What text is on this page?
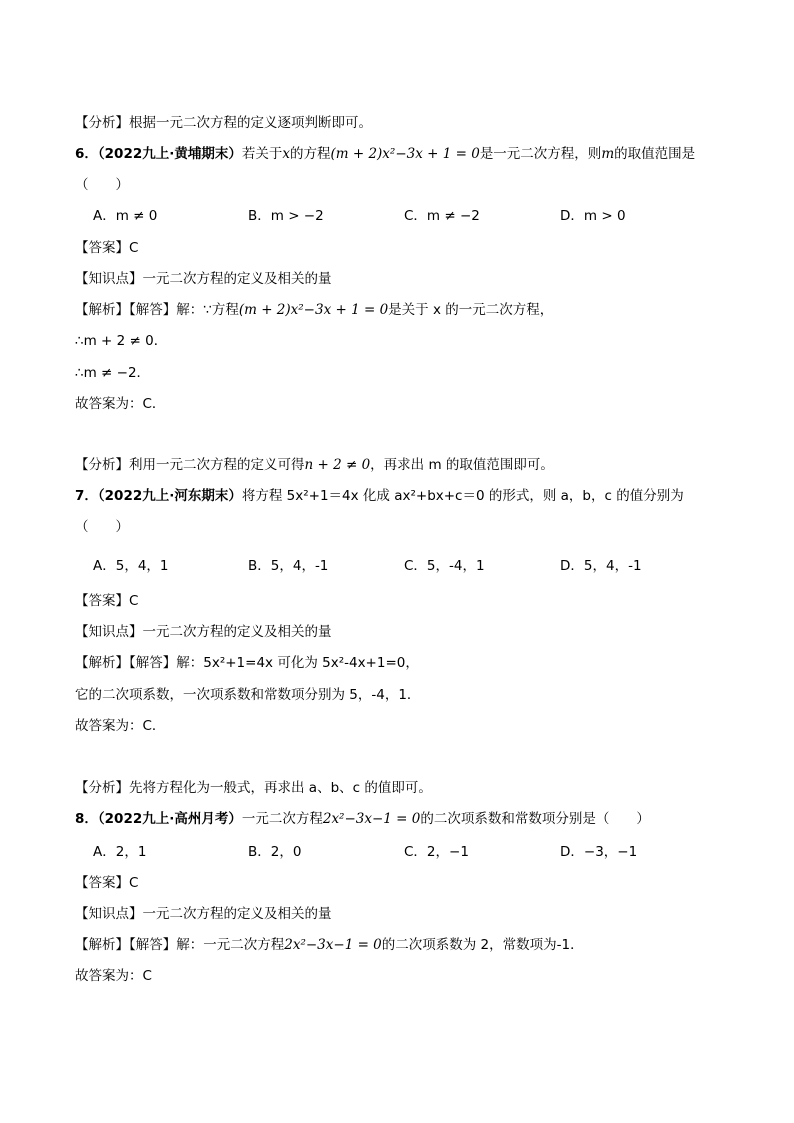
【分析】根据一元二次方程的定义逐项判断即可。
6．（2022九上·黄埔期末）若关于x的方程(m + 2)x²−3x + 1 = 0是一元二次方程，则m的取值范围是
（　　）
A．m ≠ 0	B．m > −2	C．m ≠ −2	D．m > 0
【答案】C
【知识点】一元二次方程的定义及相关的量
【解析】【解答】解：∵方程(m + 2)x²−3x + 1 = 0是关于 x 的一元二次方程，
∴m + 2 ≠ 0．
∴m ≠ −2．
故答案为：C．
【分析】利用一元二次方程的定义可得n + 2 ≠ 0，再求出 m 的取值范围即可。
7．（2022九上·河东期末）将方程 5x²+1＝4x 化成 ax²+bx+c＝0 的形式，则 a，b，c 的值分别为
（　　）
A．5，4，1	B．5，4，-1	C．5，-4，1	D．5，4，-1
【答案】C
【知识点】一元二次方程的定义及相关的量
【解析】【解答】解：5x²+1=4x 可化为 5x²-4x+1=0，
它的二次项系数，一次项系数和常数项分别为 5，-4，1．
故答案为：C．
【分析】先将方程化为一般式，再求出 a、b、c 的值即可。
8．（2022九上·高州月考）一元二次方程2x²−3x−1 = 0的二次项系数和常数项分别是（　　）
A．2，1	B．2，0	C．2，−1	D．−3，−1
【答案】C
【知识点】一元二次方程的定义及相关的量
【解析】【解答】解：一元二次方程2x²−3x−1 = 0的二次项系数为 2，常数项为-1．
故答案为：C
